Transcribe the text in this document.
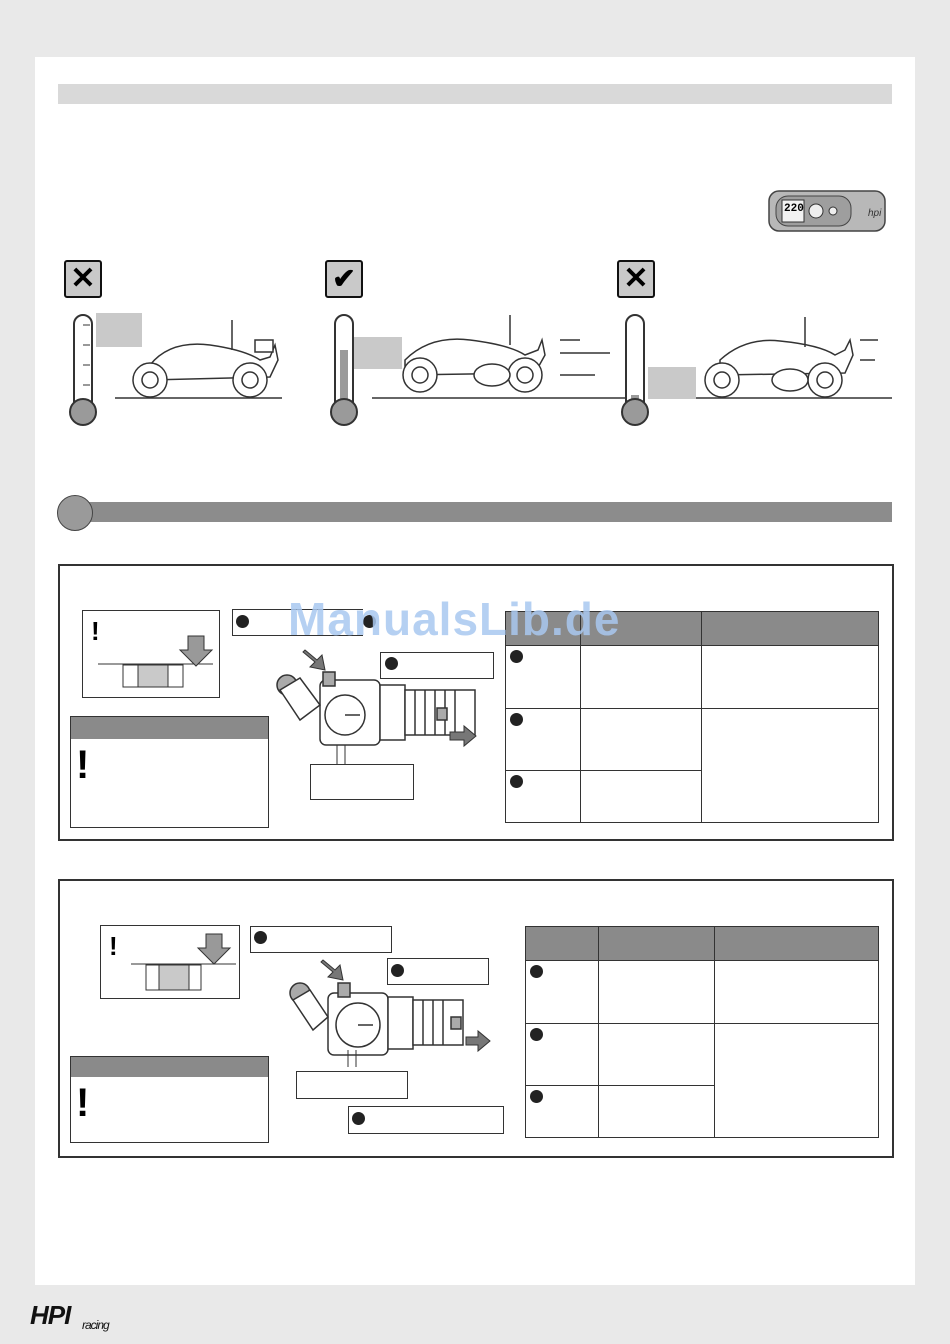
hpi
220
✕	✔	✕
!
!

!
!

ManualsLib.de
HPI racing
